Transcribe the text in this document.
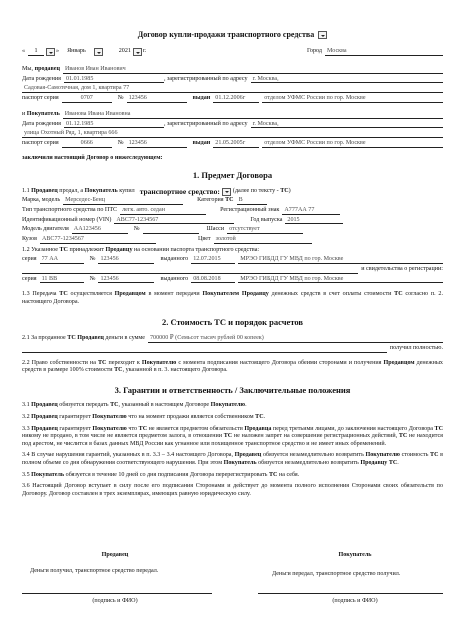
Договор купли-продажи транспортного средства
«	1	» Январь	2021 г.	Город Москва
Мы, продавец Иванов Иван Иванович
Дата рождения 01.01.1985	, зарегистрированный по адресу г. Москва,
Садовая-Самотечная, дом 1, квартира 77
паспорт серия	0707	№ 123456	выдан 01.12.2006г	отделом УФМС России по гор. Москве
и Покупатель Иванова Ивана Ивановна
Дата рождения 01.12.1985	, зарегистрированный по адресу г. Москва,
улица Охотный Ряд, 1, квартира 666
паспорт серия	0666	№ 123456	выдан 21.05.2005г	отделом УФМС России по гор. Москве
заключили настоящий Договор о нижеследующем:
1. Предмет Договора
1.1 Продавец продал, а Покупатель купил транспортное средство: (далее по тексту - ТС)
Марка, модель Мерседес-Бенц	Категория ТС В
Тип транспортного средства по ПТС легк. авто. седан	Регистрационный знак А777АА 77
Идентификационный номер (VIN) АВС77-1234567	Год выпуска 2015
Модель двигателя АА123456	№	Шасси отсутствует
Кузов АВС77-1234567	Цвет золотой
1.2 Указанное ТС принадлежит Продавцу на основании паспорта транспортного средства:
серия 77 АА	№ 123456	выданного 12.07.2015	МРЭО ГИБДД ГУ МВД по гор. Москве
и свидетельства о регистрации:
серия 11 ВВ	№ 123456	выданного 08.08.2018	МРЭО ГИБДД ГУ МВД по гор. Москве
1.3 Передача ТС осуществляется Продавцом в момент передачи Покупателем Продавцу денежных средств в счет оплаты стоимости ТС согласно п. 2. настоящего Договора.
2. Стоимость ТС и порядок расчетов
2.1 За проданное ТС Продавец деньги в сумме 700000 ₽ (Семьсот тысяч рублей 00 копеек)
получил полностью.
2.2 Право собственности на ТС переходит к Покупателю с момента подписания настоящего Договора обеими сторонами и получения Продавцом денежных средств в размере 100% стоимости ТС, указанной в п. 3. настоящего Договора.
3. Гарантии и ответственность / Заключительные положения
3.1 Продавец обязуется передать ТС, указанный в настоящем Договоре Покупателю.
3.2 Продавец гарантирует Покупателю что на момент продажи является собственником ТС.
3.3 Продавец гарантирует Покупателю что ТС не является предметом обязательств Продавца перед третьими лицами, до заключения настоящего Договора ТС никому не продано, в том числе не является предметом залога, в отношении ТС не наложен запрет на совершение регистрационных действий, ТС не находится под арестом, не числится в базах данных МВД России как угнанное или похищенное транспортное средство и не имеет иных обременений.
3.4 В случае нарушения гарантий, указанных в п. 3.3 – 3.4 настоящего Договора, Продавец обязуется незамедлительно возвратить Покупателю стоимость ТС в полном объеме со дня обнаружения соответствующего нарушения. При этом Покупатель обязуется незамедлительно возвратить Продавцу ТС.
3.5 Покупатель обязуется в течение 10 дней со дня подписания Договора перерегистрировать ТС на себя.
3.6 Настоящий Договор вступает в силу после его подписания Сторонами и действует до момента полного исполнения Сторонами своих обязательств по Договору. Договор составлен в трех экземплярах, имеющих равную юридическую силу.
Продавец
Деньги получил, транспортное средство передал.
(подпись и ФИО)
Покупатель
Деньги передал, транспортное средство получил.
(подпись и ФИО)
